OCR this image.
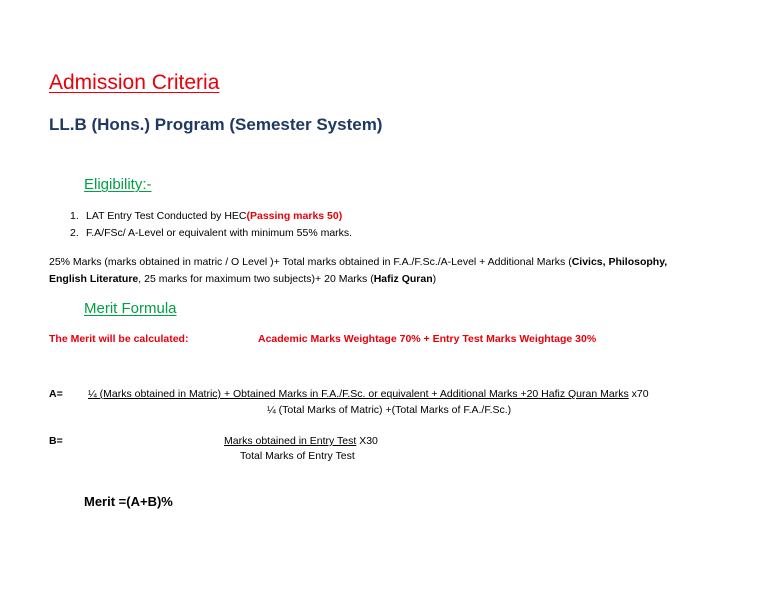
Admission Criteria
LL.B (Hons.) Program (Semester System)
Eligibility:-
1. LAT Entry Test Conducted by HEC(Passing marks 50)
2. F.A/FSc/ A-Level or equivalent with minimum 55% marks.
25% Marks (marks obtained in matric / O Level )+ Total marks obtained in F.A./F.Sc./A-Level + Additional Marks (Civics, Philosophy, English Literature, 25 marks for maximum two subjects)+ 20 Marks (Hafiz Quran)
Merit Formula
The Merit will be calculated:	Academic Marks Weightage 70% + Entry Test Marks Weightage 30%
A= ¼ (Marks obtained in Matric) + Obtained Marks in F.A./F.Sc. or equivalent + Additional Marks +20 Hafiz Quran Marks x70
¼ (Total Marks of Matric) +(Total Marks of F.A./F.Sc.)
B=	Marks obtained in Entry Test X30
Total Marks of Entry Test
Merit =(A+B)%
